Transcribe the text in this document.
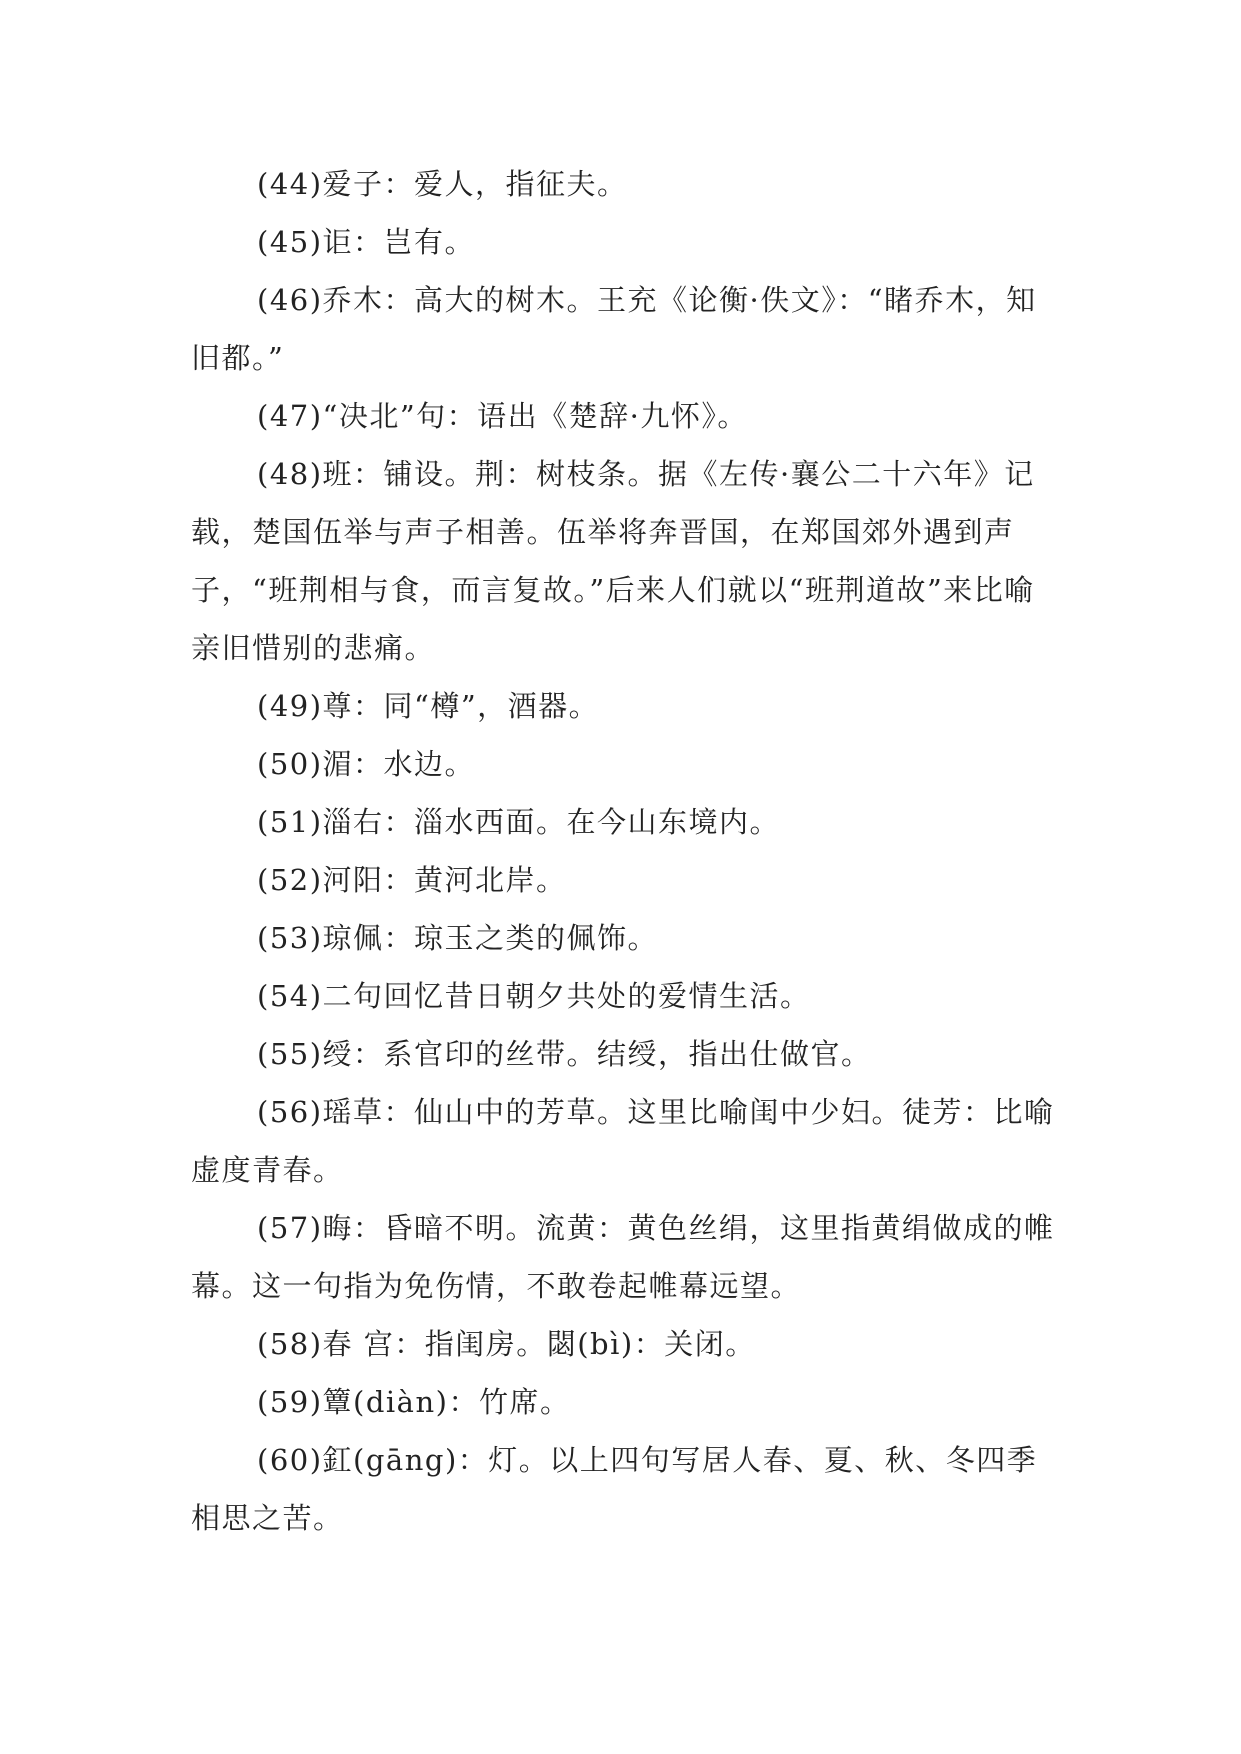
(44)爱子：爱人，指征夫。

(45)讵：岂有。

(46)乔木：高大的树木。王充《论衡·佚文》：“睹乔木，知旧都。”

(47)“决北”句：语出《楚辞·九怀》。

(48)班：铺设。荆：树枝条。据《左传·襄公二十六年》记载，楚国伍举与声子相善。伍举将奔晋国，在郑国郊外遇到声子，“班荆相与食，而言复故。”后来人们就以“班荆道故”来比喻亲旧惜别的悲痛。

(49)尊：同“樽”，酒器。

(50)湄：水边。

(51)淄右：淄水西面。在今山东境内。

(52)河阳：黄河北岸。

(53)琼佩：琼玉之类的佩饰。

(54)二句回忆昔日朝夕共处的爱情生活。

(55)绶：系官印的丝带。结绶，指出仕做官。

(56)瑶草：仙山中的芳草。这里比喻闺中少妇。徒芳：比喻虚度青春。

(57)晦：昏暗不明。流黄：黄色丝绢，这里指黄绢做成的帷幕。这一句指为免伤情，不敢卷起帷幕远望。

(58)春 宫：指闺房。閟(bì)：关闭。

(59)簟(diàn)：竹席。

(60)釭(gāng)：灯。以上四句写居人春、夏、秋、冬四季相思之苦。
